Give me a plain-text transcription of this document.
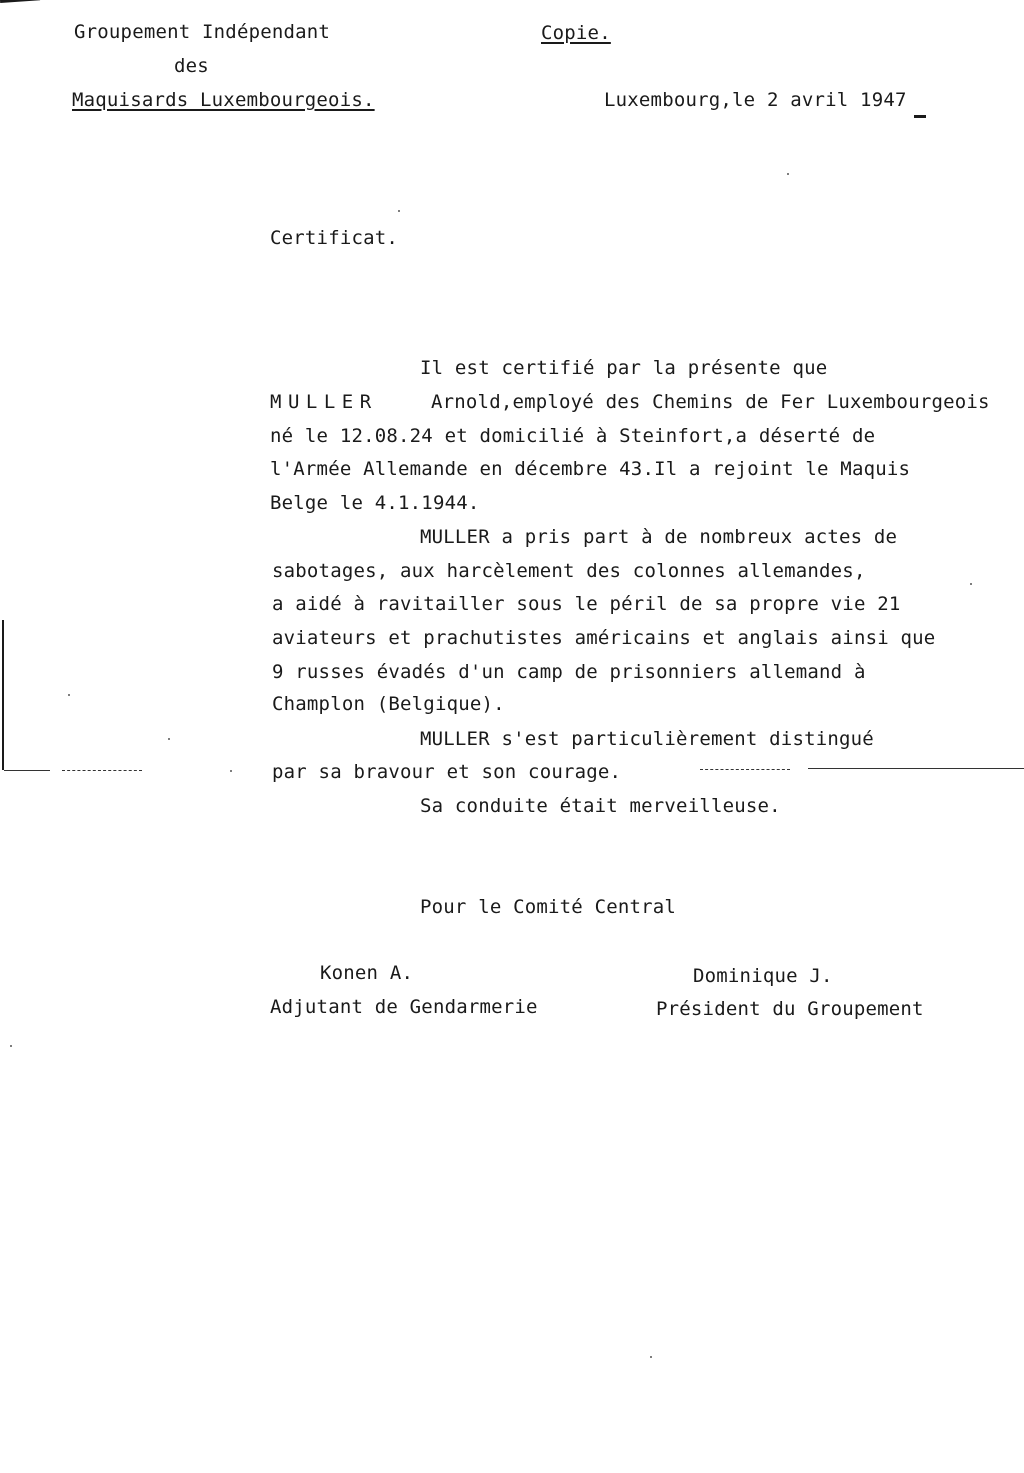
Groupement Indépendant
des
Maquisards Luxembourgeois.
Copie.
Luxembourg,le 2 avril 1947
Certificat.
Il est certifié par la présente que
MULLER	Arnold,employé des Chemins de Fer Luxembourgeois
né le 12.08.24 et domicilié à Steinfort,a déserté de
l'Armée Allemande en décembre 43.Il a rejoint le Maquis
Belge le 4.1.1944.
MULLER a pris part à de nombreux actes de
sabotages, aux harcèlement des colonnes allemandes,
a aidé à ravitailler sous le péril de sa propre vie 21
aviateurs et prachutistes américains et anglais ainsi que
9 russes évadés d'un camp de prisonniers allemand à
Champlon (Belgique).
MULLER s'est particulièrement distingué
par sa bravour et son courage.
Sa conduite était merveilleuse.
Pour le Comité Central
Konen A.
Adjutant de Gendarmerie
Dominique J.
Président du Groupement
